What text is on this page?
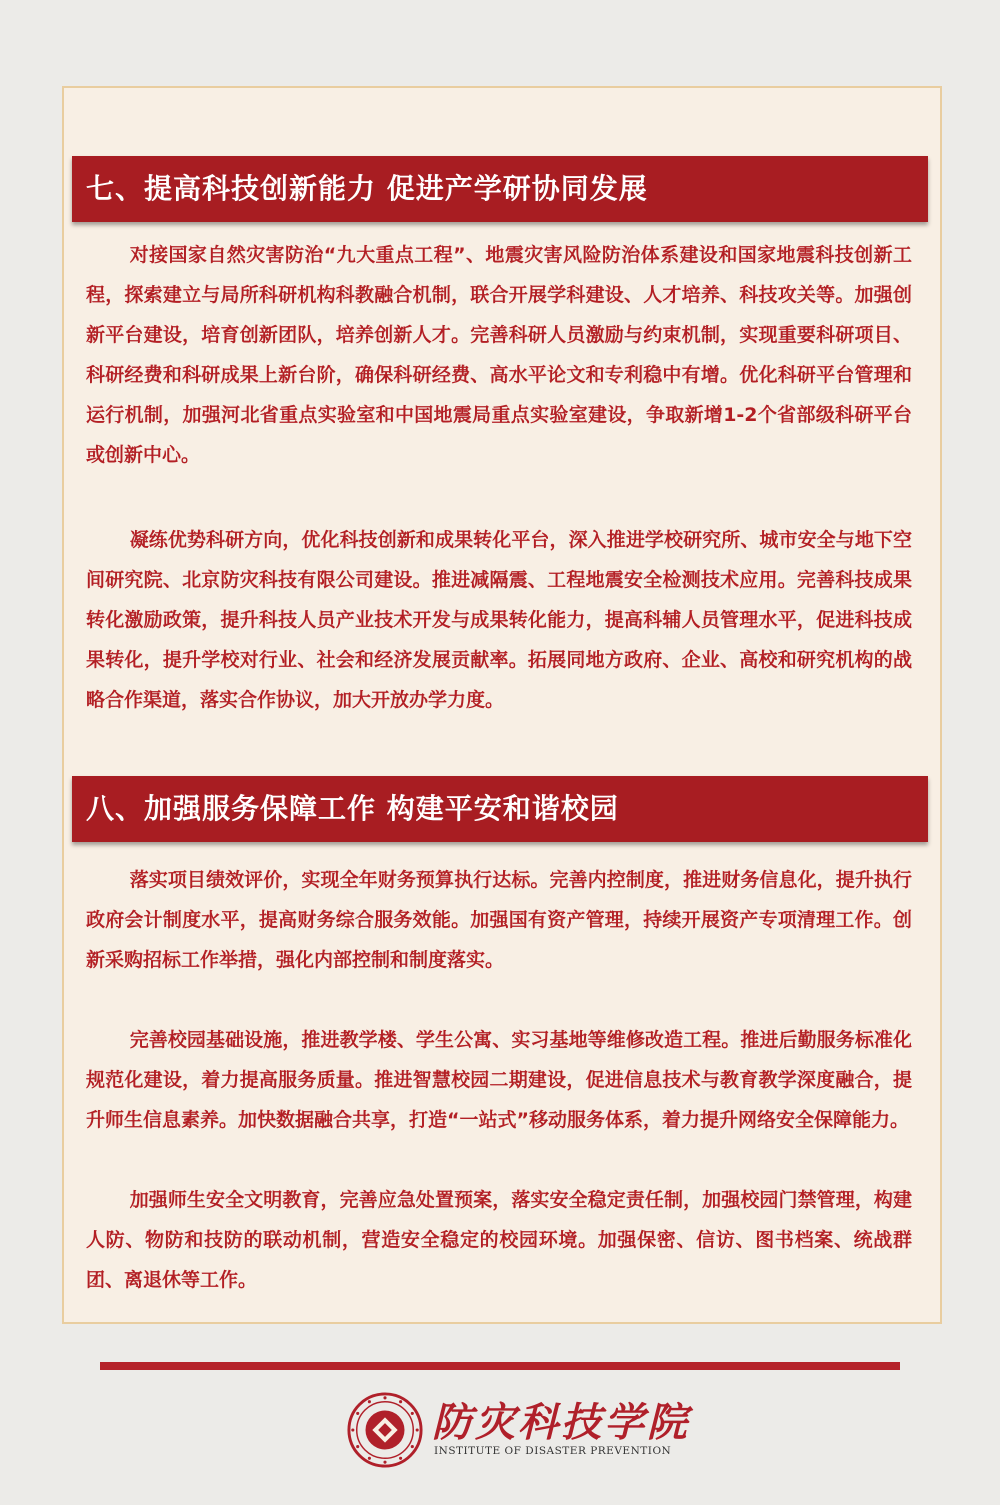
七、提高科技创新能力 促进产学研协同发展

对接国家自然灾害防治“九大重点工程”、地震灾害风险防治体系建设和国家地震科技创新工程，探索建立与局所科研机构科教融合机制，联合开展学科建设、人才培养、科技攻关等。加强创新平台建设，培育创新团队，培养创新人才。完善科研人员激励与约束机制，实现重要科研项目、科研经费和科研成果上新台阶，确保科研经费、高水平论文和专利稳中有增。优化科研平台管理和运行机制，加强河北省重点实验室和中国地震局重点实验室建设，争取新增1-2个省部级科研平台或创新中心。

凝练优势科研方向，优化科技创新和成果转化平台，深入推进学校研究所、城市安全与地下空间研究院、北京防灾科技有限公司建设。推进减隔震、工程地震安全检测技术应用。完善科技成果转化激励政策，提升科技人员产业技术开发与成果转化能力，提高科辅人员管理水平，促进科技成果转化，提升学校对行业、社会和经济发展贡献率。拓展同地方政府、企业、高校和研究机构的战略合作渠道，落实合作协议，加大开放办学力度。

八、加强服务保障工作 构建平安和谐校园

落实项目绩效评价，实现全年财务预算执行达标。完善内控制度，推进财务信息化，提升执行政府会计制度水平，提高财务综合服务效能。加强国有资产管理，持续开展资产专项清理工作。创新采购招标工作举措，强化内部控制和制度落实。

完善校园基础设施，推进教学楼、学生公寓、实习基地等维修改造工程。推进后勤服务标准化规范化建设，着力提高服务质量。推进智慧校园二期建设，促进信息技术与教育教学深度融合，提升师生信息素养。加快数据融合共享，打造“一站式”移动服务体系，着力提升网络安全保障能力。

加强师生安全文明教育，完善应急处置预案，落实安全稳定责任制，加强校园门禁管理，构建人防、物防和技防的联动机制，营造安全稳定的校园环境。加强保密、信访、图书档案、统战群团、离退休等工作。

防灾科技学院
INSTITUTE OF DISASTER PREVENTION
